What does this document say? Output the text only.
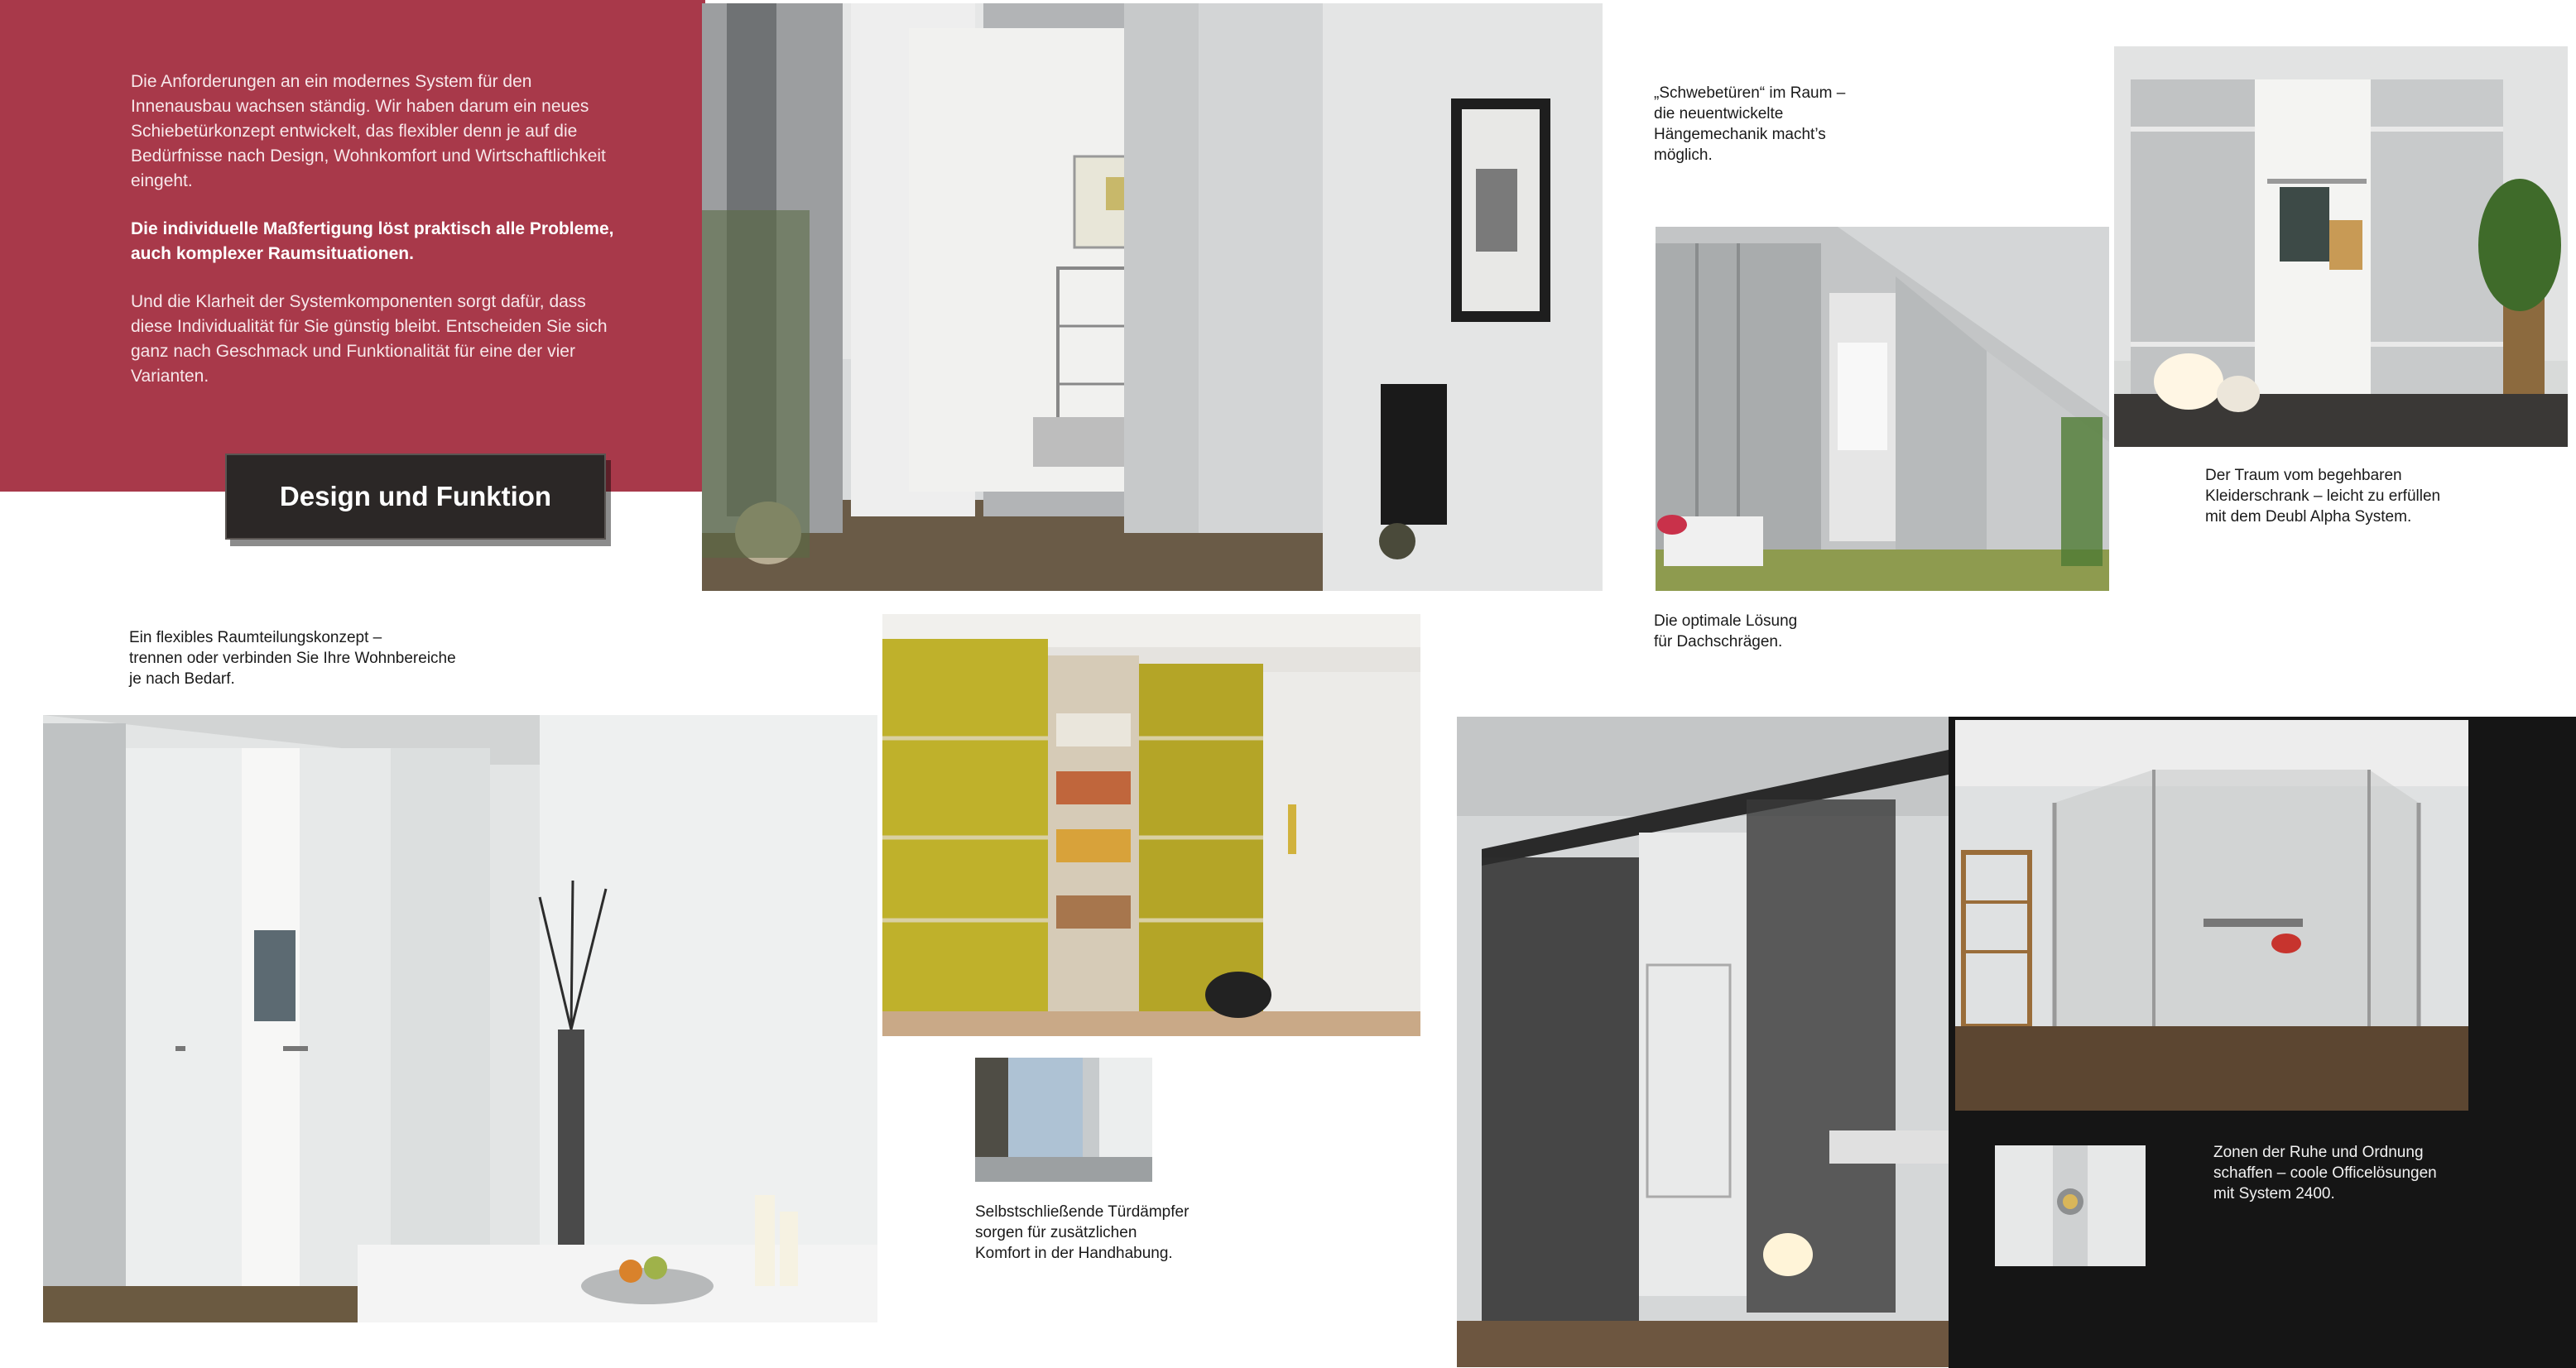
Die Anforderungen an ein modernes System für den Innenausbau wachsen ständig. Wir haben darum ein neues Schiebetürkonzept entwickelt, das flexibler denn je auf die Bedürfnisse nach Design, Wohnkomfort und Wirtschaftlichkeit eingeht.

Die individuelle Maßfertigung löst praktisch alle Probleme, auch komplexer Raumsituationen.

Und die Klarheit der Systemkomponenten sorgt dafür, dass diese Individualität für Sie günstig bleibt. Entscheiden Sie sich ganz nach Geschmack und Funktionalität für eine der vier Varianten.

Design und Funktion
„Schwebetüren“ im Raum –
die neuentwickelte
Hängemechanik macht’s
möglich.
Die optimale Lösung
für Dachschrägen.
Der Traum vom begehbaren
Kleiderschrank – leicht zu erfüllen
mit dem Deubl Alpha System.
Ein flexibles Raumteilungskonzept –
trennen oder verbinden Sie Ihre Wohnbereiche
je nach Bedarf.
Selbstschließende Türdämpfer
sorgen für zusätzlichen
Komfort in der Handhabung.
Zonen der Ruhe und Ordnung
schaffen – coole Officelösungen
mit System 2400.
